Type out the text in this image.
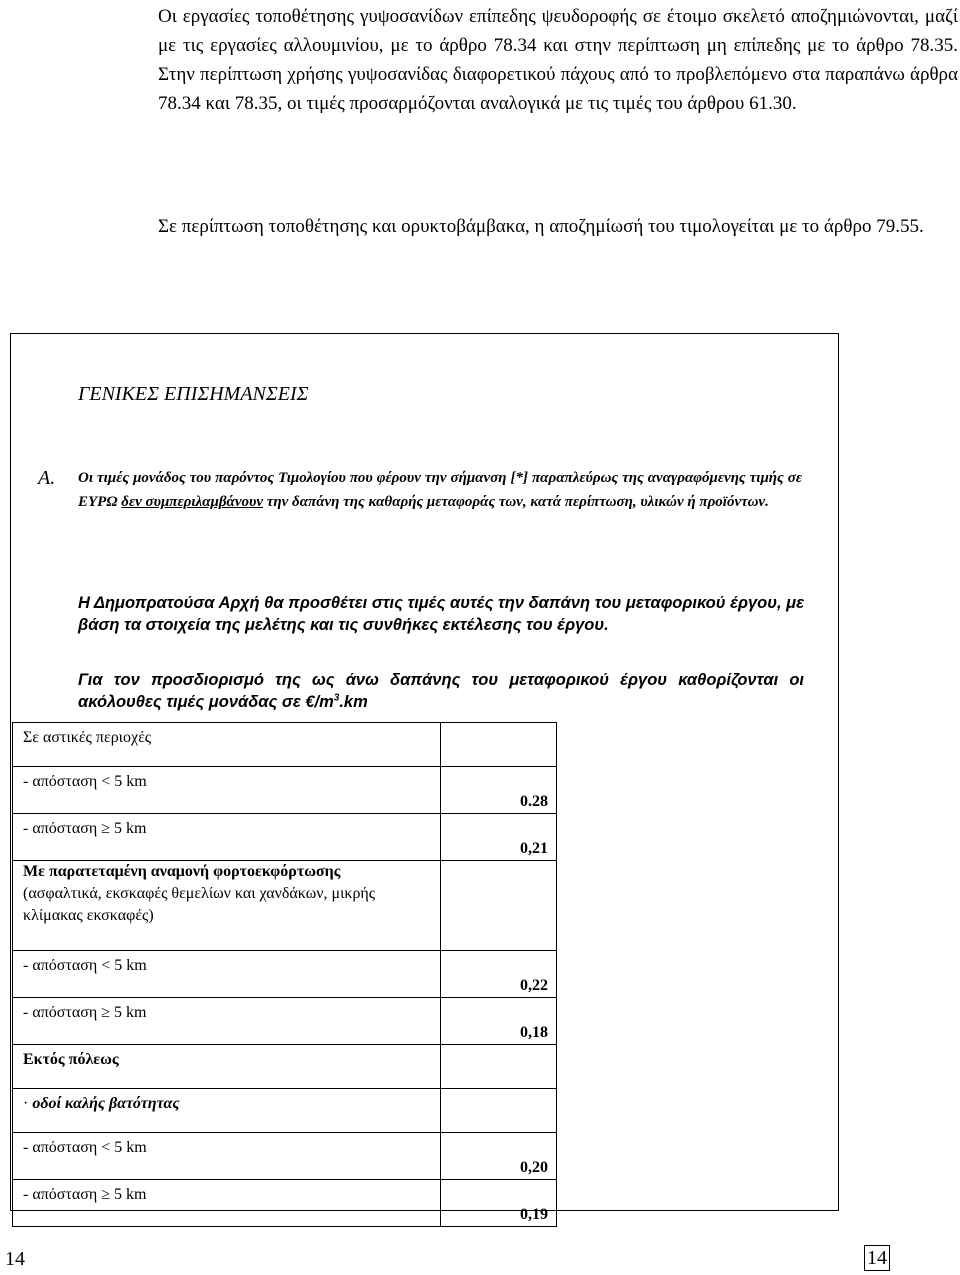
Οι εργασίες τοποθέτησης γυψοσανίδων επίπεδης ψευδοροφής σε έτοιμο σκελετό αποζημιώνονται, μαζί με τις εργασίες αλλουμινίου, με το άρθρο 78.34 και στην περίπτωση μη επίπεδης με το άρθρο 78.35. Στην περίπτωση χρήσης γυψοσανίδας διαφορετικού πάχους από το προβλεπόμενο στα παραπάνω άρθρα 78.34 και 78.35, οι τιμές προσαρμόζονται αναλογικά με τις τιμές του άρθρου 61.30.
Σε περίπτωση τοποθέτησης και ορυκτοβάμβακα, η αποζημίωσή του τιμολογείται με το άρθρο 79.55.
ΓΕΝΙΚΕΣ ΕΠΙΣΗΜΑΝΣΕΙΣ
Α. Οι τιμές μονάδος του παρόντος Τιμολογίου που φέρουν την σήμανση [*] παραπλεύρως της αναγραφόμενης τιμής σε ΕΥΡΩ δεν συμπεριλαμβάνουν την δαπάνη της καθαρής μεταφοράς των, κατά περίπτωση, υλικών ή προϊόντων.
Η Δημοπρατούσα Αρχή θα προσθέτει στις τιμές αυτές την δαπάνη του μεταφορικού έργου, με βάση τα στοιχεία της μελέτης και τις συνθήκες εκτέλεσης του έργου.
Για τον προσδιορισμό της ως άνω δαπάνης του μεταφορικού έργου καθορίζονται οι ακόλουθες τιμές μονάδας σε $€/m^3.km$
Σε αστικές περιοχές	
- απόσταση < 5 km	0.28
- απόσταση ≥ 5 km	0,21

Με παρατεταμένη αναμονή φορτοεκφόρτωσης
(ασφαλτικά, εκσκαφές θεμελίων και χανδάκων, μικρής κλίμακας εκσκαφές)	

- απόσταση < 5 km	0,22
- απόσταση ≥ 5 km	0,18
Εκτός πόλεως	
· οδοί καλής βατότητας	
- απόσταση < 5 km	0,20
- απόσταση ≥ 5 km	0,19
14	14
